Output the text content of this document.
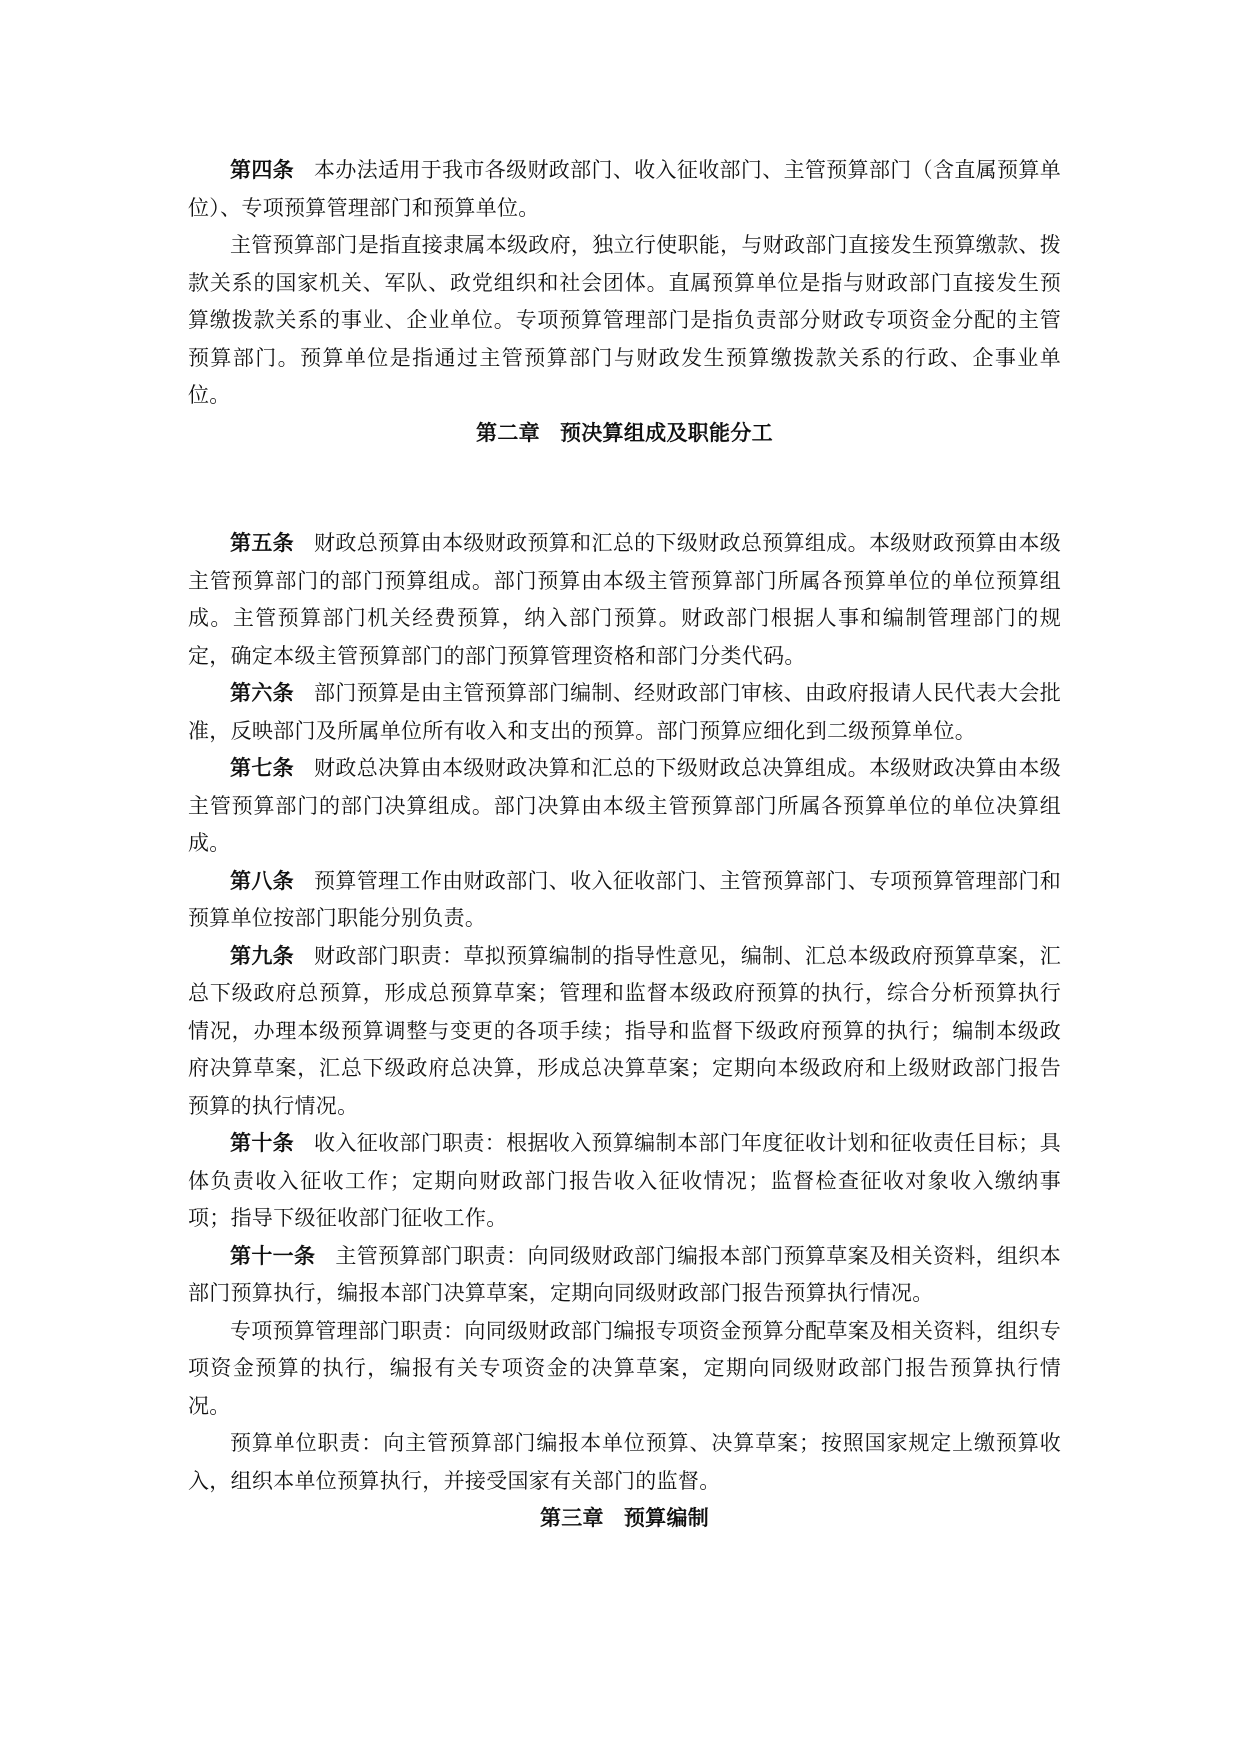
第四条 本办法适用于我市各级财政部门、收入征收部门、主管预算部门（含直属预算单位）、专项预算管理部门和预算单位。

主管预算部门是指直接隶属本级政府，独立行使职能，与财政部门直接发生预算缴款、拨款关系的国家机关、军队、政党组织和社会团体。直属预算单位是指与财政部门直接发生预算缴拨款关系的事业、企业单位。专项预算管理部门是指负责部分财政专项资金分配的主管预算部门。预算单位是指通过主管预算部门与财政发生预算缴拨款关系的行政、企事业单位。

第二章 预决算组成及职能分工

第五条 财政总预算由本级财政预算和汇总的下级财政总预算组成。本级财政预算由本级主管预算部门的部门预算组成。部门预算由本级主管预算部门所属各预算单位的单位预算组成。主管预算部门机关经费预算，纳入部门预算。财政部门根据人事和编制管理部门的规定，确定本级主管预算部门的部门预算管理资格和部门分类代码。

第六条 部门预算是由主管预算部门编制、经财政部门审核、由政府报请人民代表大会批准，反映部门及所属单位所有收入和支出的预算。部门预算应细化到二级预算单位。

第七条 财政总决算由本级财政决算和汇总的下级财政总决算组成。本级财政决算由本级主管预算部门的部门决算组成。部门决算由本级主管预算部门所属各预算单位的单位决算组成。

第八条 预算管理工作由财政部门、收入征收部门、主管预算部门、专项预算管理部门和预算单位按部门职能分别负责。

第九条 财政部门职责：草拟预算编制的指导性意见，编制、汇总本级政府预算草案，汇总下级政府总预算，形成总预算草案；管理和监督本级政府预算的执行，综合分析预算执行情况，办理本级预算调整与变更的各项手续；指导和监督下级政府预算的执行；编制本级政府决算草案，汇总下级政府总决算，形成总决算草案；定期向本级政府和上级财政部门报告预算的执行情况。

第十条 收入征收部门职责：根据收入预算编制本部门年度征收计划和征收责任目标；具体负责收入征收工作；定期向财政部门报告收入征收情况；监督检查征收对象收入缴纳事项；指导下级征收部门征收工作。

第十一条 主管预算部门职责：向同级财政部门编报本部门预算草案及相关资料，组织本部门预算执行，编报本部门决算草案，定期向同级财政部门报告预算执行情况。

专项预算管理部门职责：向同级财政部门编报专项资金预算分配草案及相关资料，组织专项资金预算的执行，编报有关专项资金的决算草案，定期向同级财政部门报告预算执行情况。

预算单位职责：向主管预算部门编报本单位预算、决算草案；按照国家规定上缴预算收入，组织本单位预算执行，并接受国家有关部门的监督。

第三章 预算编制
